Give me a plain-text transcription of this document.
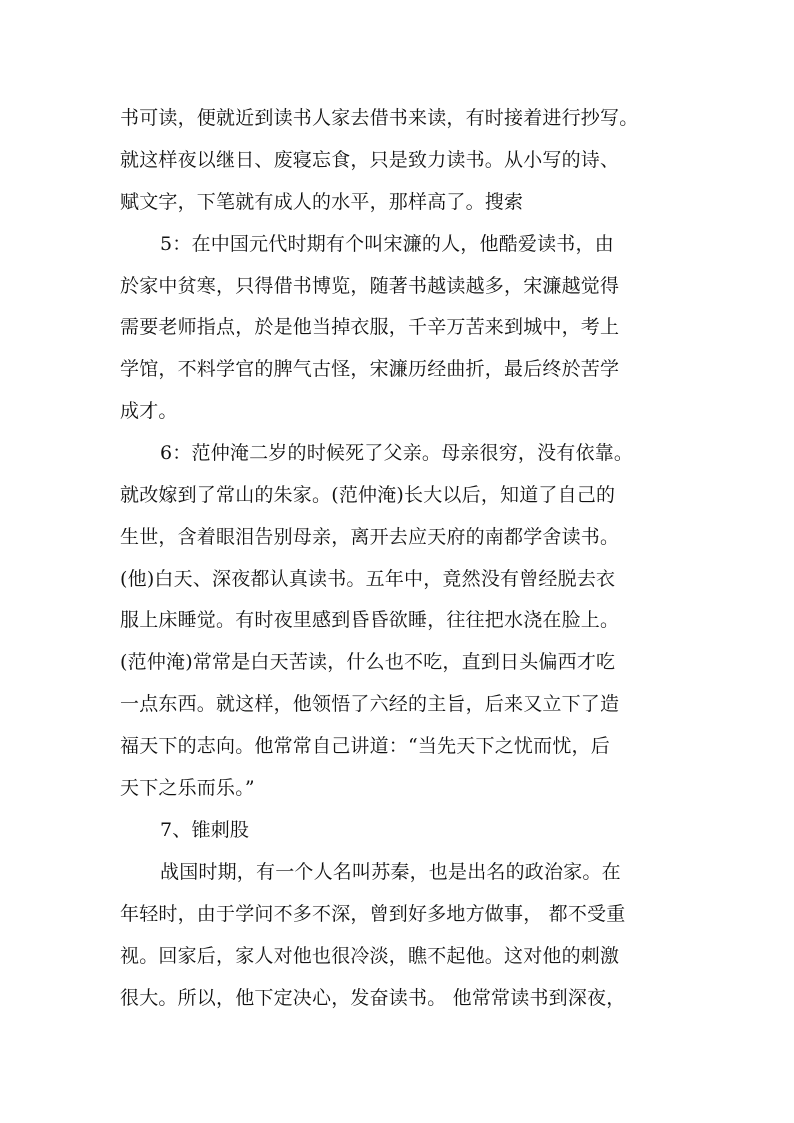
书可读，便就近到读书人家去借书来读，有时接着进行抄写。
就这样夜以继日、废寝忘食，只是致力读书。从小写的诗、
赋文字，下笔就有成人的水平，那样高了。搜索
5：在中国元代时期有个叫宋濂的人，他酷爱读书，由
於家中贫寒，只得借书博览，随著书越读越多，宋濂越觉得
需要老师指点，於是他当掉衣服，千辛万苦来到城中，考上
学馆，不料学官的脾气古怪，宋濂历经曲折，最后终於苦学
成才。
6：范仲淹二岁的时候死了父亲。母亲很穷，没有依靠。
就改嫁到了常山的朱家。(范仲淹)长大以后，知道了自己的
生世，含着眼泪告别母亲，离开去应天府的南都学舍读书。
(他)白天、深夜都认真读书。五年中，竟然没有曾经脱去衣
服上床睡觉。有时夜里感到昏昏欲睡，往往把水浇在脸上。
(范仲淹)常常是白天苦读，什么也不吃，直到日头偏西才吃
一点东西。就这样，他领悟了六经的主旨，后来又立下了造
福天下的志向。他常常自己讲道：“当先天下之忧而忧，后
天下之乐而乐。”
7、锥刺股
战国时期，有一个人名叫苏秦，也是出名的政治家。在
年轻时，由于学问不多不深，曾到好多地方做事， 都不受重
视。回家后，家人对他也很冷淡，瞧不起他。这对他的刺激
很大。所以，他下定决心，发奋读书。 他常常读书到深夜，
